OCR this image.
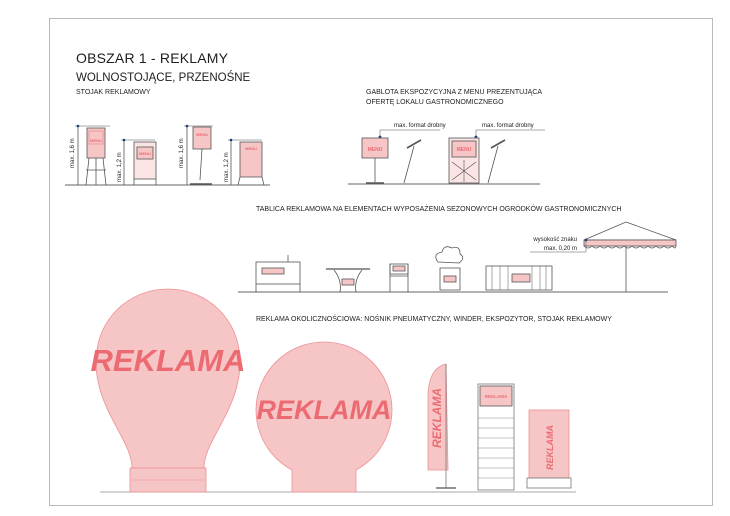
OBSZAR 1 - REKLAMY
WOLNOSTOJĄCE, PRZENOŚNE
STOJAK REKLAMOWY	GABLOTA EKSPOZYCYJNA Z MENU PREZENTUJĄCA
OFERTĘ LOKALU GASTRONOMICZNEGO
TABLICA REKLAMOWA NA ELEMENTACH WYPOSAŻENIA SEZONOWYCH OGRÓDKÓW GASTRONOMICZNYCH
REKLAMA OKOLICZNOŚCIOWA: NOŚNIK PNEUMATYCZNY, WINDER, EKSPOZYTOR, STOJAK REKLAMOWY
max. 1,6 m	max. 1,2 m	max. 1,6 m	max. 1,2 m
MENU
MENU
MENU
MENU	MENU	MENU
max. format drobny	max. format drobny
wysokość znaku
max. 0,20 m
REKLAMA
REKLAMA	REKLAMA	REKLAMA
REKLAMA
